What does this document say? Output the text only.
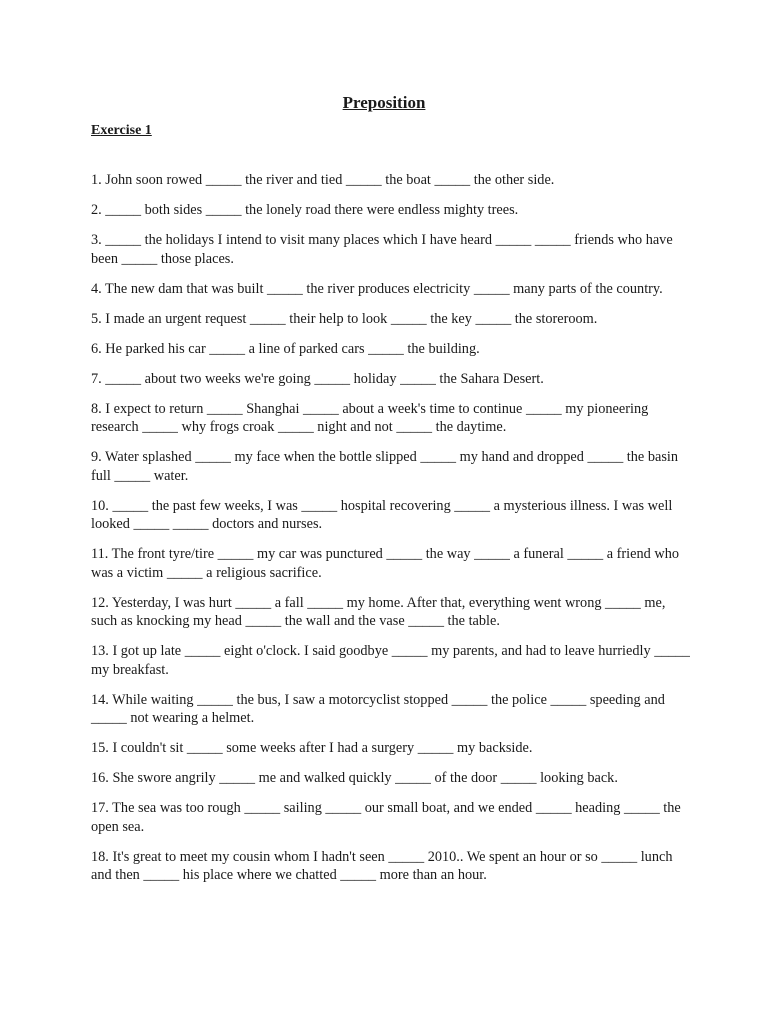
Preposition
Exercise 1
1. John soon rowed _____ the river and tied _____ the boat _____ the other side.
2. _____ both sides _____ the lonely road there were endless mighty trees.
3. _____ the holidays I intend to visit many places which I have heard _____ _____ friends who have been _____ those places.
4. The new dam that was built _____ the river produces electricity _____ many parts of the country.
5. I made an urgent request _____ their help to look _____ the key _____ the storeroom.
6. He parked his car _____ a line of parked cars _____ the building.
7. _____ about two weeks we're going _____ holiday _____ the Sahara Desert.
8. I expect to return _____ Shanghai _____ about a week's time to continue _____ my pioneering research _____ why frogs croak _____ night and not _____ the daytime.
9. Water splashed _____ my face when the bottle slipped _____ my hand and dropped _____ the basin full _____ water.
10. _____ the past few weeks, I was _____ hospital recovering _____ a mysterious illness. I was well looked _____ _____ doctors and nurses.
11. The front tyre/tire _____ my car was punctured _____ the way _____ a funeral _____ a friend who was a victim _____ a religious sacrifice.
12. Yesterday, I was hurt _____ a fall _____ my home. After that, everything went wrong _____ me, such as knocking my head _____ the wall and the vase _____ the table.
13. I got up late _____ eight o'clock. I said goodbye _____ my parents, and had to leave hurriedly _____ my breakfast.
14. While waiting _____ the bus, I saw a motorcyclist stopped _____ the police _____ speeding and _____ not wearing a helmet.
15. I couldn't sit _____ some weeks after I had a surgery _____ my backside.
16. She swore angrily _____ me and walked quickly _____ of the door _____ looking back.
17. The sea was too rough _____ sailing _____ our small boat, and we ended _____ heading _____ the open sea.
18. It's great to meet my cousin whom I hadn't seen _____ 2010.. We spent an hour or so _____ lunch and then _____ his place where we chatted _____ more than an hour.
